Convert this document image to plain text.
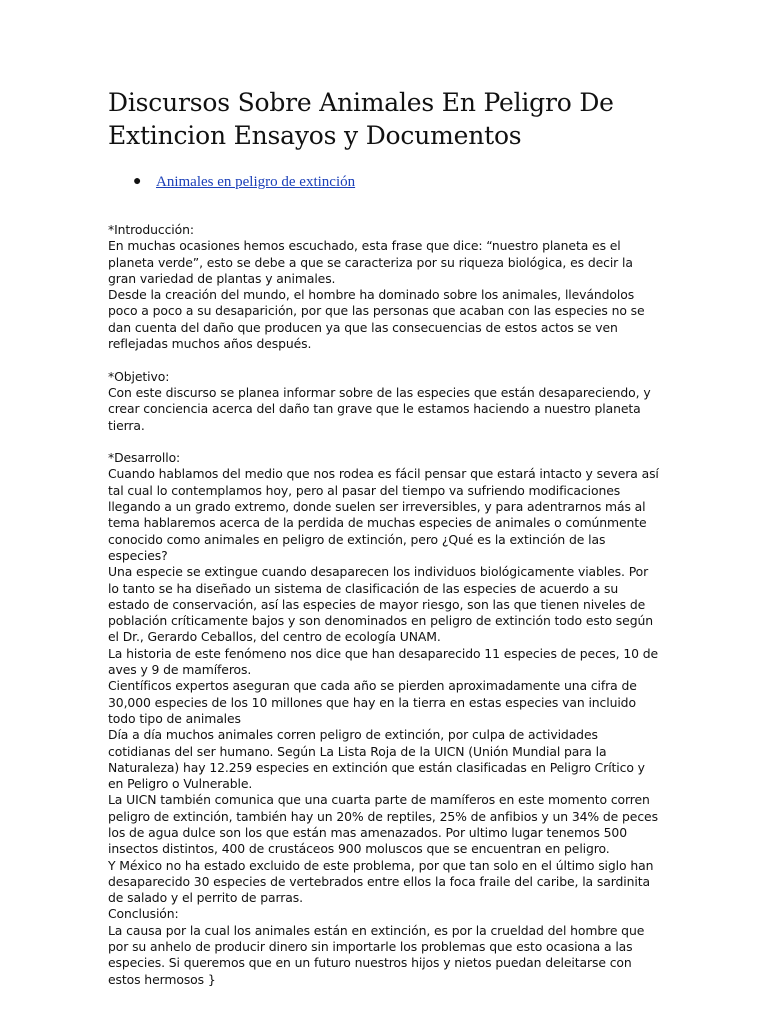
Discursos Sobre Animales En Peligro De
Extincion Ensayos y Documentos
● Animales en peligro de extinción

*Introducción:

En muchas ocasiones hemos escuchado, esta frase que dice: “nuestro planeta es el planeta verde”, esto se debe a que se caracteriza por su riqueza biológica, es decir la gran variedad de plantas y animales.

Desde la creación del mundo, el hombre ha dominado sobre los animales, llevándolos poco a poco a su desaparición, por que las personas que acaban con las especies no se dan cuenta del daño que producen ya que las consecuencias de estos actos se ven reflejadas muchos años después.

*Objetivo:

Con este discurso se planea informar sobre de las especies que están desapareciendo, y crear conciencia acerca del daño tan grave que le estamos haciendo a nuestro planeta tierra.

*Desarrollo:

Cuando hablamos del medio que nos rodea es fácil pensar que estará intacto y severa así tal cual lo contemplamos hoy, pero al pasar del tiempo va sufriendo modificaciones llegando a un grado extremo, donde suelen ser irreversibles, y para adentrarnos más al tema hablaremos acerca de la perdida de muchas especies de animales o comúnmente conocido como animales en peligro de extinción, pero ¿Qué es la extinción de las especies?

Una especie se extingue cuando desaparecen los individuos biológicamente viables. Por lo tanto se ha diseñado un sistema de clasificación de las especies de acuerdo a su estado de conservación, así las especies de mayor riesgo, son las que tienen niveles de población críticamente bajos y son denominados en peligro de extinción todo esto según el Dr., Gerardo Ceballos, del centro de ecología UNAM.

La historia de este fenómeno nos dice que han desaparecido 11 especies de peces, 10 de aves y 9 de mamíferos.

Científicos expertos aseguran que cada año se pierden aproximadamente una cifra de 30,000 especies de los 10 millones que hay en la tierra en estas especies van incluido todo tipo de animales

Día a día muchos animales corren peligro de extinción, por culpa de actividades cotidianas del ser humano. Según La Lista Roja de la UICN (Unión Mundial para la Naturaleza) hay 12.259 especies en extinción que están clasificadas en Peligro Crítico y en Peligro o Vulnerable.

La UICN también comunica que una cuarta parte de mamíferos en este momento corren peligro de extinción, también hay un 20% de reptiles, 25% de anfibios y un 34% de peces los de agua dulce son los que están mas amenazados. Por ultimo lugar tenemos 500 insectos distintos, 400 de crustáceos 900 moluscos que se encuentran en peligro.

Y México no ha estado excluido de este problema, por que tan solo en el último siglo han desaparecido 30 especies de vertebrados entre ellos la foca fraile del caribe, la sardinita de salado y el perrito de parras.

Conclusión:

La causa por la cual los animales están en extinción, es por la crueldad del hombre que por su anhelo de producir dinero sin importarle los problemas que esto ocasiona a las especies. Si queremos que en un futuro nuestros hijos y nietos puedan deleitarse con estos hermosos }
